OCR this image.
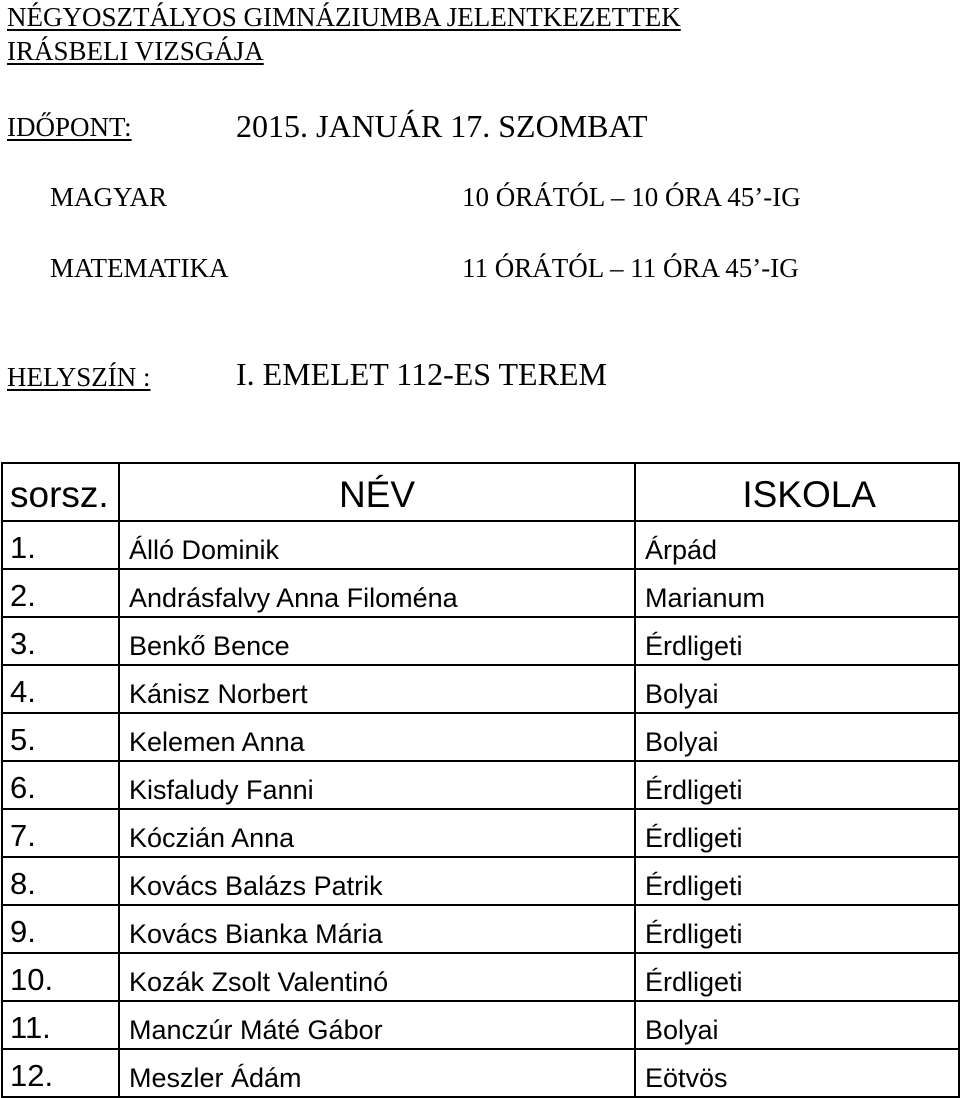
NÉGYOSZTÁLYOS GIMNÁZIUMBA JELENTKEZETTEK
IRÁSBELI VIZSGÁJA
IDŐPONT:	2015. JANUÁR 17. SZOMBAT
MAGYAR	10 ÓRÁTÓL – 10 ÓRA 45’-IG
MATEMATIKA	11 ÓRÁTÓL – 11 ÓRA 45’-IG
HELYSZÍN :	I. EMELET 112-ES TEREM
sorsz.	NÉV	ISKOLA
1.	Álló Dominik	Árpád
2.	Andrásfalvy Anna Filoména	Marianum
3.	Benkő Bence	Érdligeti
4.	Kánisz Norbert	Bolyai
5.	Kelemen Anna	Bolyai
6.	Kisfaludy Fanni	Érdligeti
7.	Kóczián Anna	Érdligeti
8.	Kovács Balázs Patrik	Érdligeti
9.	Kovács Bianka Mária	Érdligeti
10.	Kozák Zsolt Valentinó	Érdligeti
11.	Manczúr Máté Gábor	Bolyai
12.	Meszler Ádám	Eötvös
